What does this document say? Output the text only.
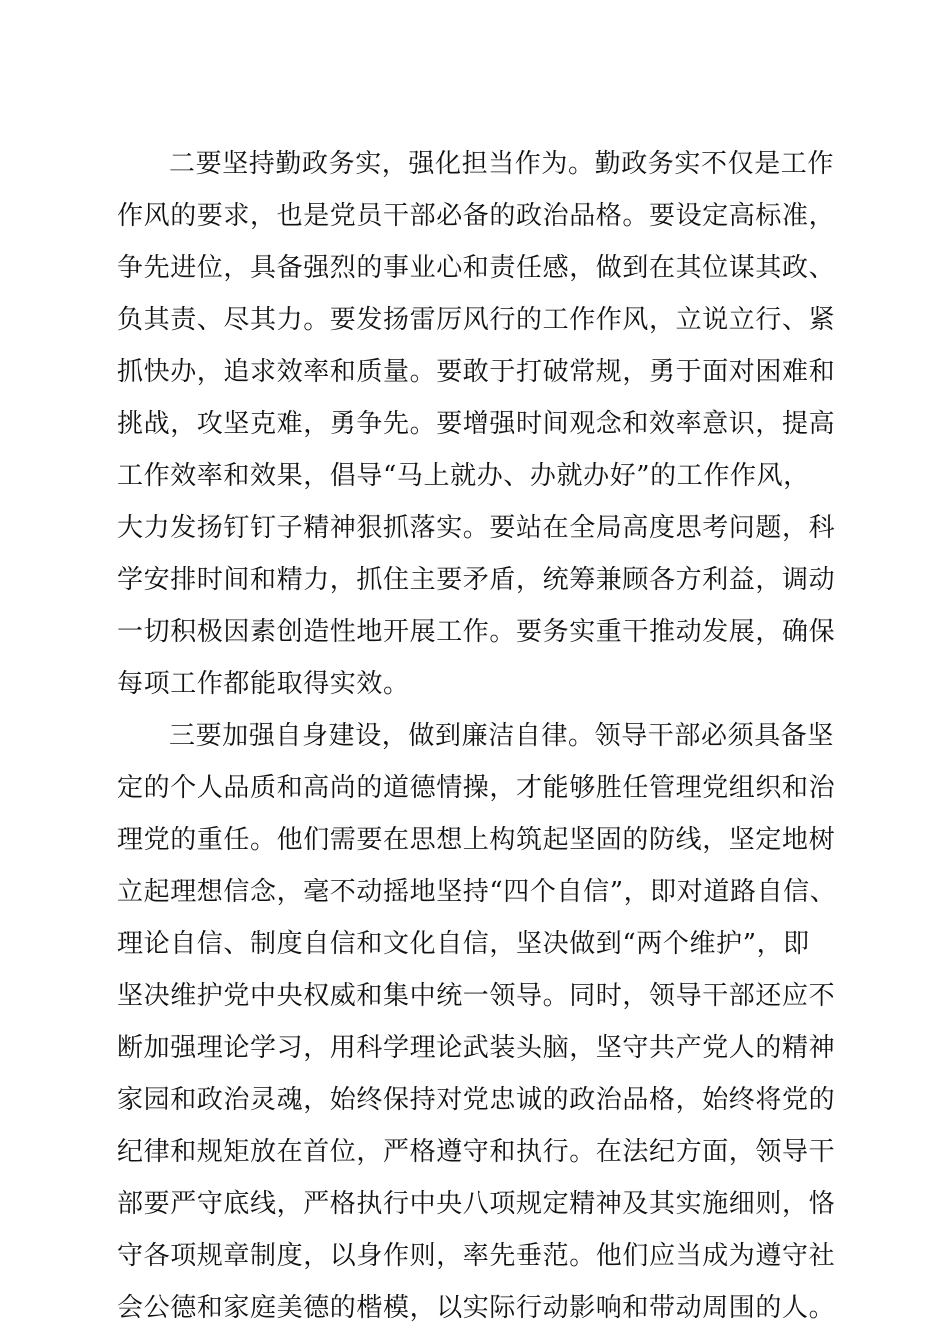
二要坚持勤政务实，强化担当作为。勤政务实不仅是工作
作风的要求，也是党员干部必备的政治品格。要设定高标准，
争先进位，具备强烈的事业心和责任感，做到在其位谋其政、
负其责、尽其力。要发扬雷厉风行的工作作风，立说立行、紧
抓快办，追求效率和质量。要敢于打破常规，勇于面对困难和
挑战，攻坚克难，勇争先。要增强时间观念和效率意识，提高
工作效率和效果，倡导“马上就办、办就办好”的工作作风，
大力发扬钉钉子精神狠抓落实。要站在全局高度思考问题，科
学安排时间和精力，抓住主要矛盾，统筹兼顾各方利益，调动
一切积极因素创造性地开展工作。要务实重干推动发展，确保
每项工作都能取得实效。
三要加强自身建设，做到廉洁自律。领导干部必须具备坚
定的个人品质和高尚的道德情操，才能够胜任管理党组织和治
理党的重任。他们需要在思想上构筑起坚固的防线，坚定地树
立起理想信念，毫不动摇地坚持“四个自信”，即对道路自信、
理论自信、制度自信和文化自信，坚决做到“两个维护”，即
坚决维护党中央权威和集中统一领导。同时，领导干部还应不
断加强理论学习，用科学理论武装头脑，坚守共产党人的精神
家园和政治灵魂，始终保持对党忠诚的政治品格，始终将党的
纪律和规矩放在首位，严格遵守和执行。在法纪方面，领导干
部要严守底线，严格执行中央八项规定精神及其实施细则，恪
守各项规章制度，以身作则，率先垂范。他们应当成为遵守社
会公德和家庭美德的楷模，以实际行动影响和带动周围的人。
